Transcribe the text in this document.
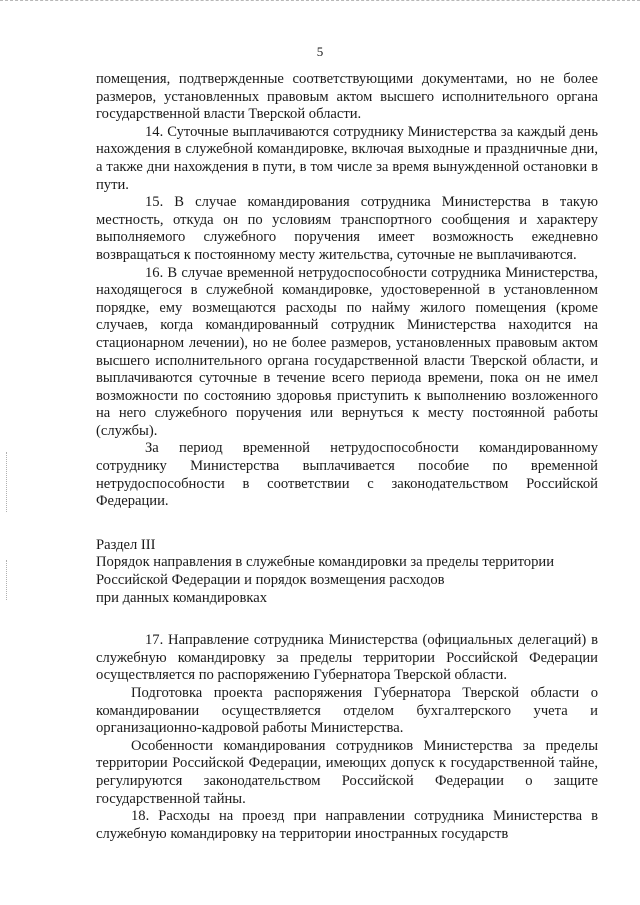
5

помещения, подтвержденные соответствующими документами, но не более размеров, установленных правовым актом высшего исполнительного органа государственной власти Тверской области.

14. Суточные выплачиваются сотруднику Министерства за каждый день нахождения в служебной командировке, включая выходные и праздничные дни, а также дни нахождения в пути, в том числе за время вынужденной остановки в пути.

15. В случае командирования сотрудника Министерства в такую местность, откуда он по условиям транспортного сообщения и характеру выполняемого служебного поручения имеет возможность ежедневно возвращаться к постоянному месту жительства, суточные не выплачиваются.

16. В случае временной нетрудоспособности сотрудника Министерства, находящегося в служебной командировке, удостоверенной в установленном порядке, ему возмещаются расходы по найму жилого помещения (кроме случаев, когда командированный сотрудник Министерства находится на стационарном лечении), но не более размеров, установленных правовым актом высшего исполнительного органа государственной власти Тверской области, и выплачиваются суточные в течение всего периода времени, пока он не имел возможности по состоянию здоровья приступить к выполнению возложенного на него служебного поручения или вернуться к месту постоянной работы (службы).

За период временной нетрудоспособности командированному сотруднику Министерства выплачивается пособие по временной нетрудоспособности в соответствии с законодательством Российской Федерации.

Раздел III

Порядок направления в служебные командировки за пределы территории

Российской Федерации и порядок возмещения расходов

при данных командировках

17. Направление сотрудника Министерства (официальных делегаций) в служебную командировку за пределы территории Российской Федерации осуществляется по распоряжению Губернатора Тверской области.

Подготовка проекта распоряжения Губернатора Тверской области о командировании осуществляется отделом бухгалтерского учета и организационно-кадровой работы Министерства.

Особенности командирования сотрудников Министерства за пределы территории Российской Федерации, имеющих допуск к государственной тайне, регулируются законодательством Российской Федерации о защите государственной тайны.

18. Расходы на проезд при направлении сотрудника Министерства в служебную командировку на территории иностранных государств
